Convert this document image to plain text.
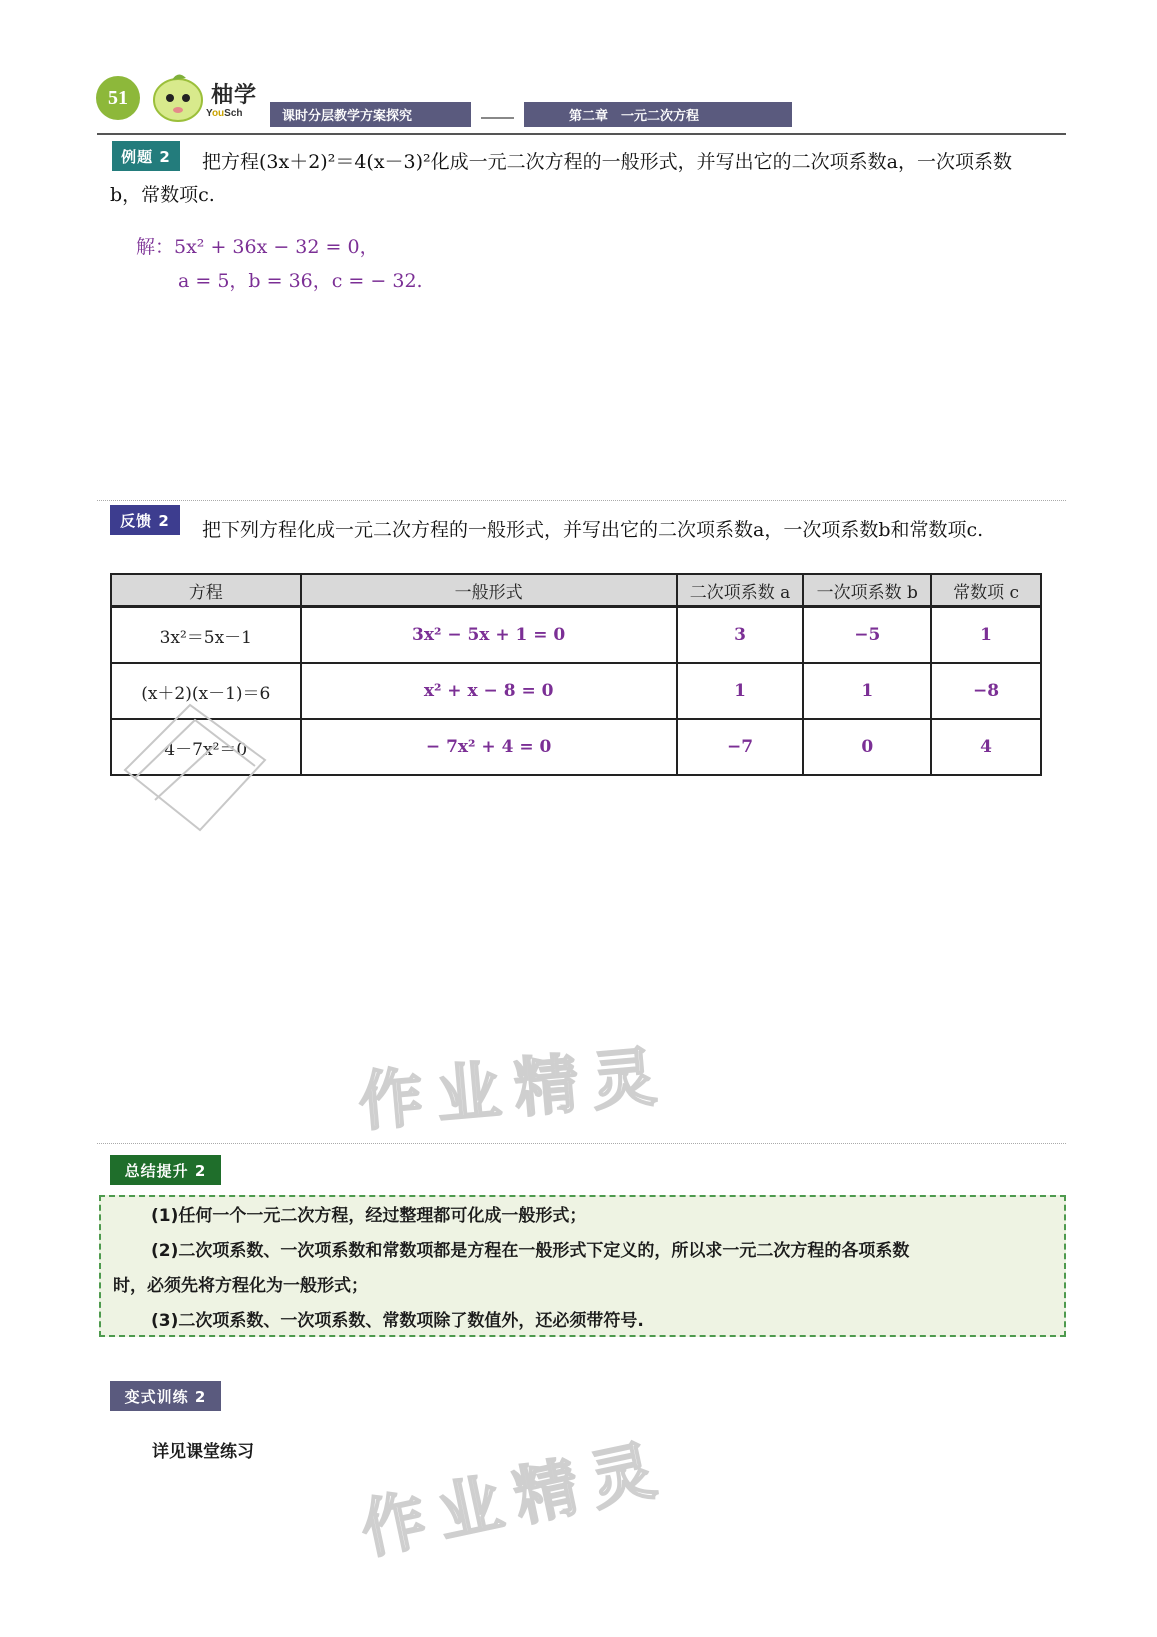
51	柚学
YouSch	课时分层教学方案探究	第二章　一元二次方程
例题 2	把方程(3x＋2)²＝4(x－3)²化成一元二次方程的一般形式，并写出它的二次项系数a，一次项系数
b，常数项c.
解：5x² + 36x − 32 = 0，
a = 5，b = 36，c = − 32.
反馈 2	把下列方程化成一元二次方程的一般形式，并写出它的二次项系数a，一次项系数b和常数项c.
方程	一般形式	二次项系数 a	一次项系数 b	常数项 c
3x²＝5x－1	3x² − 5x + 1 = 0	3	−5	1
(x＋2)(x－1)＝6	x² + x − 8 = 0	1	1	−8
4－7x²＝0	− 7x² + 4 = 0	−7	0	4
作业精灵
总结提升 2
(1)任何一个一元二次方程，经过整理都可化成一般形式；
(2)二次项系数、一次项系数和常数项都是方程在一般形式下定义的，所以求一元二次方程的各项系数
时，必须先将方程化为一般形式；
(3)二次项系数、一次项系数、常数项除了数值外，还必须带符号.
变式训练 2
详见课堂练习 作业精灵
